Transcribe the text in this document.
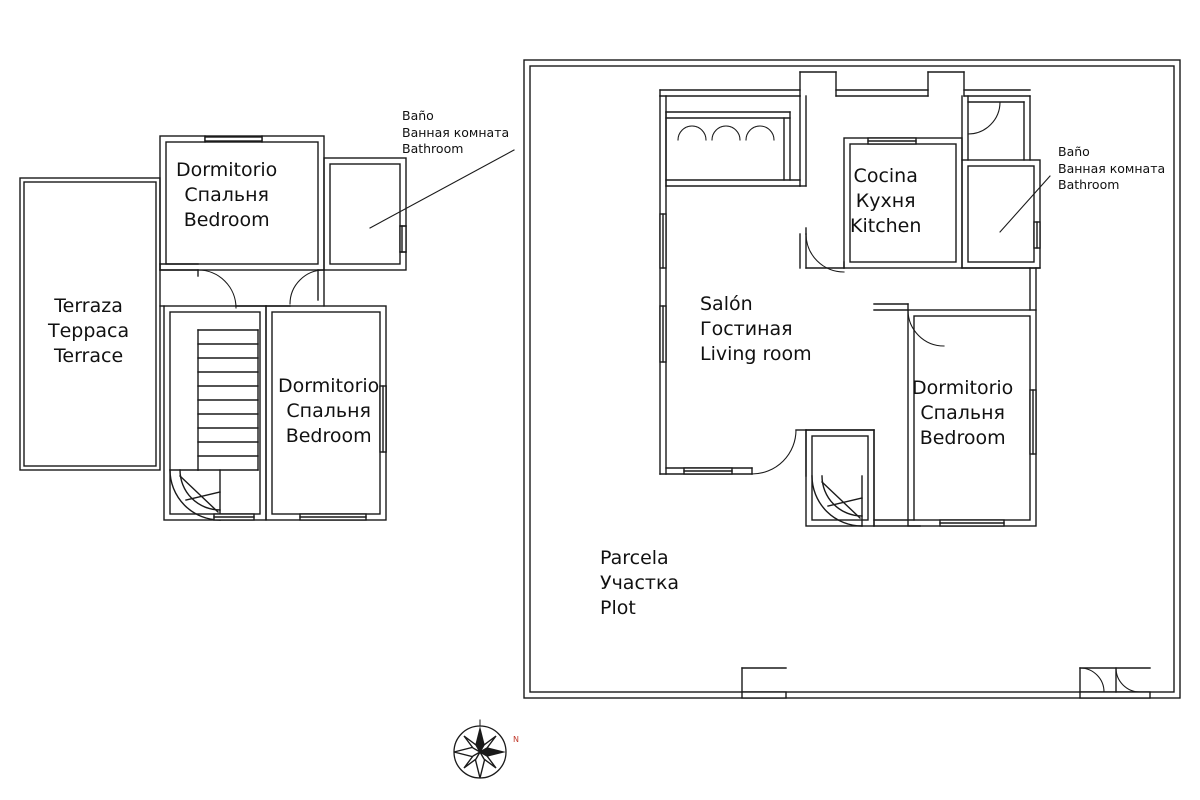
N
Terraza
Терраса
Terrace
Dormitorio
Спальня
Bedroom
Dormitorio
Спальня
Bedroom
Baño
Ванная комната
Bathroom
Cocina
Кухня
Kitchen
Salón
Гостиная
Living room
Dormitorio
Спальня
Bedroom
Parcela
Участка
Plot
Baño
Ванная комната
Bathroom
